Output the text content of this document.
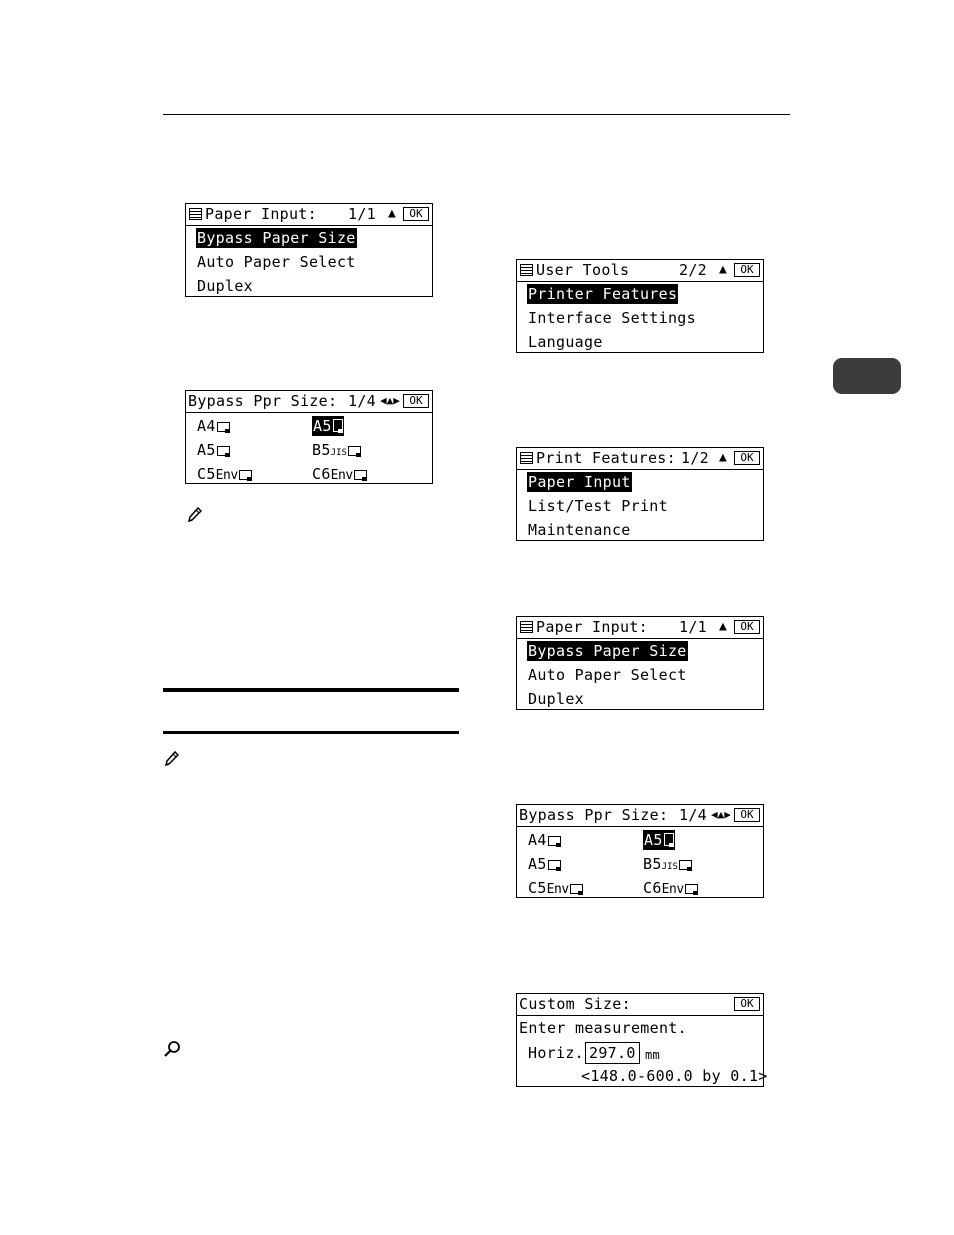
Paper Input: 1/1 ▲︎	OK
Bypass Paper Size
Auto Paper Select
Duplex
Bypass Ppr Size: 1/4 ◀▲▶ OK
A4	A5
A5	B5JIS
C5Env	C6Env
User Tools	2/2 ▲︎	OK
Printer Features
Interface Settings
Language
Print Features: 1/2 ▲︎	OK
Paper Input
List/Test Print
Maintenance
Paper Input: 1/1 ▲︎	OK
Bypass Paper Size
Auto Paper Select
Duplex
Bypass Ppr Size: 1/4 ◀▲▶ OK
A4	A5
A5	B5JIS
C5Env	C6Env
Custom Size:	OK
Enter measurement.
Horiz. 297.0 mm
<148.0-600.0 by 0.1>
